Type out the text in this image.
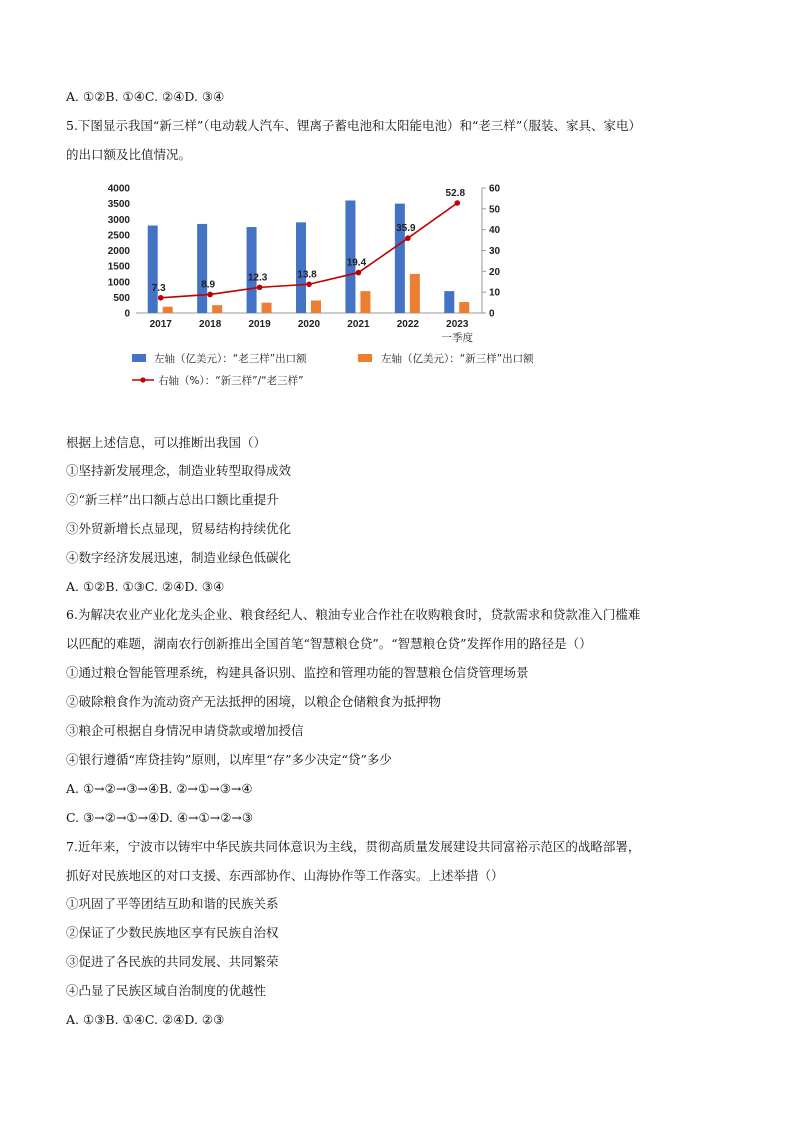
A. ①②B. ①④C. ②④D. ③④
5.下图显示我国“新三样”（电动载人汽车、锂离子蓄电池和太阳能电池）和“老三样”（服装、家具、家电）
的出口额及比值情况。
0
500
1000
1500
2000
2500
3000
3500
4000
0
10
20
30
40
50
60
7.3	8.9
12.3	13.8
19.4
35.9
52.8
2017	2018	2019	2020	2021	2022	2023
一季度
左轴（亿美元）：“老三样”出口额	左轴（亿美元）：“新三样”出口额
右轴（%）：“新三样”/“老三样”
根据上述信息，可以推断出我国（）
①坚持新发展理念，制造业转型取得成效
②“新三样”出口额占总出口额比重提升
③外贸新增长点显现，贸易结构持续优化
④数字经济发展迅速，制造业绿色低碳化
A. ①②B. ①③C. ②④D. ③④
6.为解决农业产业化龙头企业、粮食经纪人、粮油专业合作社在收购粮食时，贷款需求和贷款准入门槛难
以匹配的难题，湖南农行创新推出全国首笔“智慧粮仓贷”。“智慧粮仓贷”发挥作用的路径是（）
①通过粮仓智能管理系统，构建具备识别、监控和管理功能的智慧粮仓信贷管理场景
②破除粮食作为流动资产无法抵押的困境，以粮企仓储粮食为抵押物
③粮企可根据自身情况申请贷款或增加授信
④银行遵循“库贷挂钩”原则，以库里“存”多少决定“贷”多少
A. ①→②→③→④B. ②→①→③→④
C. ③→②→①→④D. ④→①→②→③
7.近年来，宁波市以铸牢中华民族共同体意识为主线，贯彻高质量发展建设共同富裕示范区的战略部署，
抓好对民族地区的对口支援、东西部协作、山海协作等工作落实。上述举措（）
①巩固了平等团结互助和谐的民族关系
②保证了少数民族地区享有民族自治权
③促进了各民族的共同发展、共同繁荣
④凸显了民族区域自治制度的优越性
A. ①③B. ①④C. ②④D. ②③
